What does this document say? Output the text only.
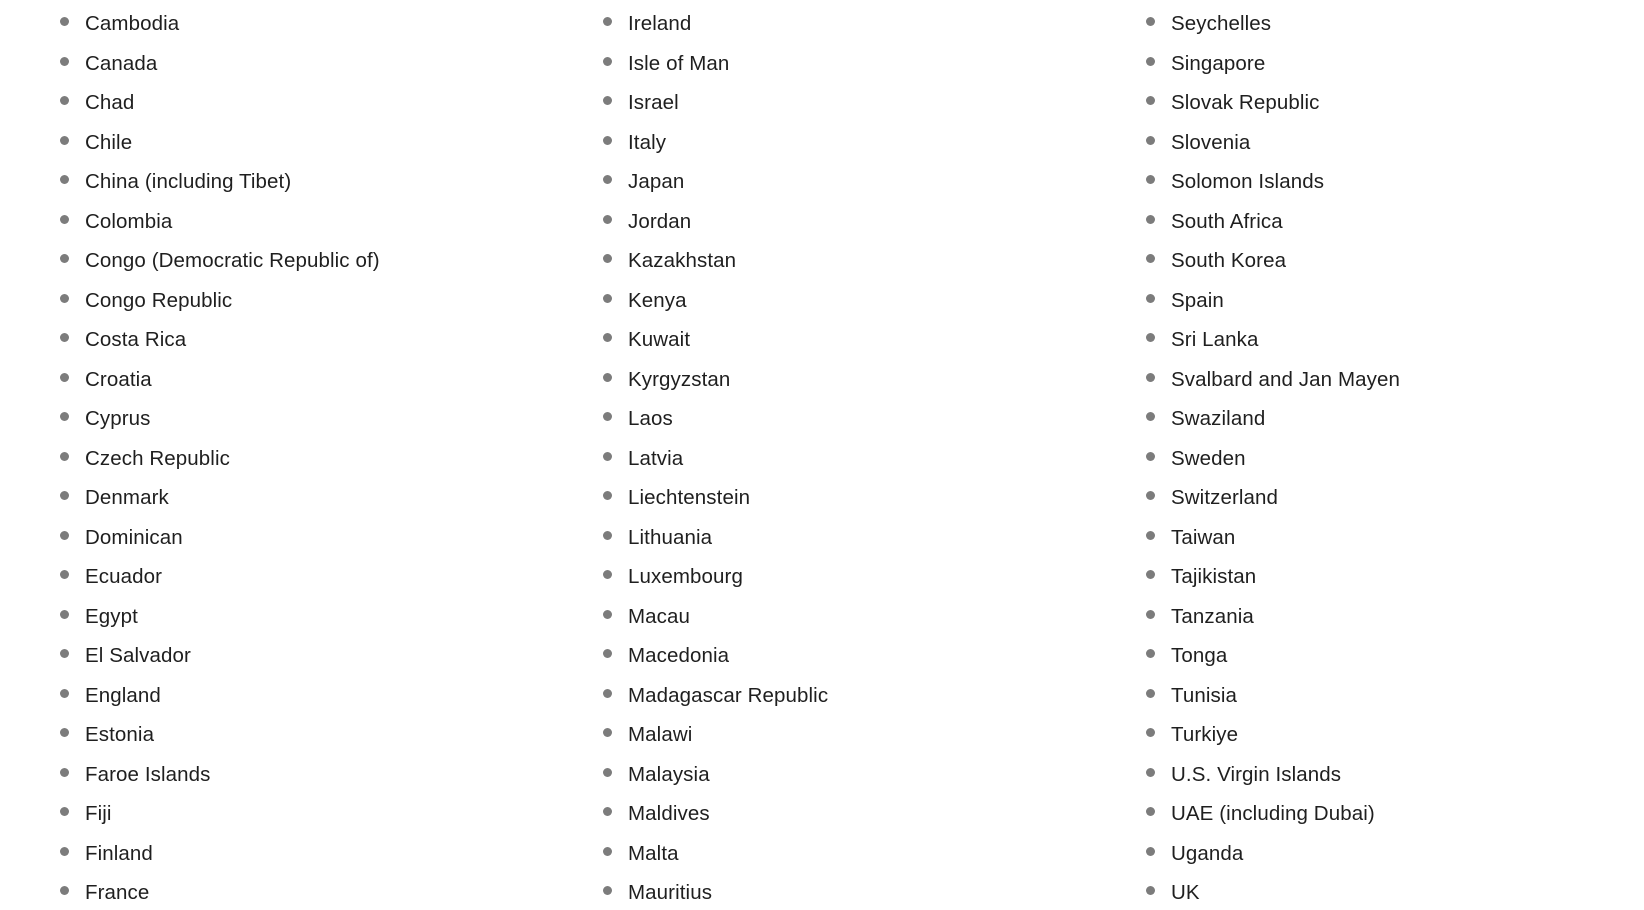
Cambodia
Canada
Chad
Chile
China (including Tibet)
Colombia
Congo (Democratic Republic of)
Congo Republic
Costa Rica
Croatia
Cyprus
Czech Republic
Denmark
Dominican
Ecuador
Egypt
El Salvador
England
Estonia
Faroe Islands
Fiji
Finland
France
Ireland
Isle of Man
Israel
Italy
Japan
Jordan
Kazakhstan
Kenya
Kuwait
Kyrgyzstan
Laos
Latvia
Liechtenstein
Lithuania
Luxembourg
Macau
Macedonia
Madagascar Republic
Malawi
Malaysia
Maldives
Malta
Mauritius
Seychelles
Singapore
Slovak Republic
Slovenia
Solomon Islands
South Africa
South Korea
Spain
Sri Lanka
Svalbard and Jan Mayen
Swaziland
Sweden
Switzerland
Taiwan
Tajikistan
Tanzania
Tonga
Tunisia
Turkiye
U.S. Virgin Islands
UAE (including Dubai)
Uganda
UK
